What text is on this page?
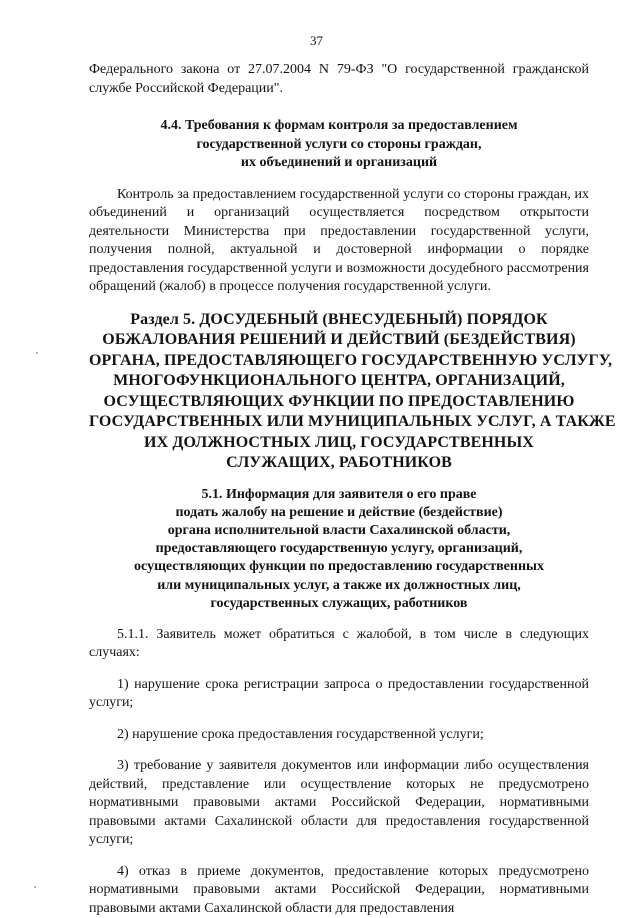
37

Федерального закона от 27.07.2004 N 79-ФЗ "О государственной гражданской службе Российской Федерации".

4.4. Требования к формам контроля за предоставлением
государственной услуги со стороны граждан,
их объединений и организаций

Контроль за предоставлением государственной услуги со стороны граждан, их объединений и организаций осуществляется посредством открытости деятельности Министерства при предоставлении государственной услуги, получения полной, актуальной и достоверной информации о порядке предоставления государственной услуги и возможности досудебного рассмотрения обращений (жалоб) в процессе получения государственной услуги.

Раздел 5. ДОСУДЕБНЫЙ (ВНЕСУДЕБНЫЙ) ПОРЯДОК
ОБЖАЛОВАНИЯ РЕШЕНИЙ И ДЕЙСТВИЙ (БЕЗДЕЙСТВИЯ)
ОРГАНА, ПРЕДОСТАВЛЯЮЩЕГО ГОСУДАРСТВЕННУЮ УСЛУГУ,
МНОГОФУНКЦИОНАЛЬНОГО ЦЕНТРА, ОРГАНИЗАЦИЙ,
ОСУЩЕСТВЛЯЮЩИХ ФУНКЦИИ ПО ПРЕДОСТАВЛЕНИЮ
ГОСУДАРСТВЕННЫХ ИЛИ МУНИЦИПАЛЬНЫХ УСЛУГ, А ТАКЖЕ
ИХ ДОЛЖНОСТНЫХ ЛИЦ, ГОСУДАРСТВЕННЫХ
СЛУЖАЩИХ, РАБОТНИКОВ
5.1. Информация для заявителя о его праве
подать жалобу на решение и действие (бездействие)
органа исполнительной власти Сахалинской области,
предоставляющего государственную услугу, организаций,
осуществляющих функции по предоставлению государственных
или муниципальных услуг, а также их должностных лиц,
государственных служащих, работников

5.1.1. Заявитель может обратиться с жалобой, в том числе в следующих случаях:

1) нарушение срока регистрации запроса о предоставлении государственной услуги;

2) нарушение срока предоставления государственной услуги;

3) требование у заявителя документов или информации либо осуществления действий, представление или осуществление которых не предусмотрено нормативными правовыми актами Российской Федерации, нормативными правовыми актами Сахалинской области для предоставления государственной услуги;

4) отказ в приеме документов, предоставление которых предусмотрено нормативными правовыми актами Российской Федерации, нормативными правовыми актами Сахалинской области для предоставления
